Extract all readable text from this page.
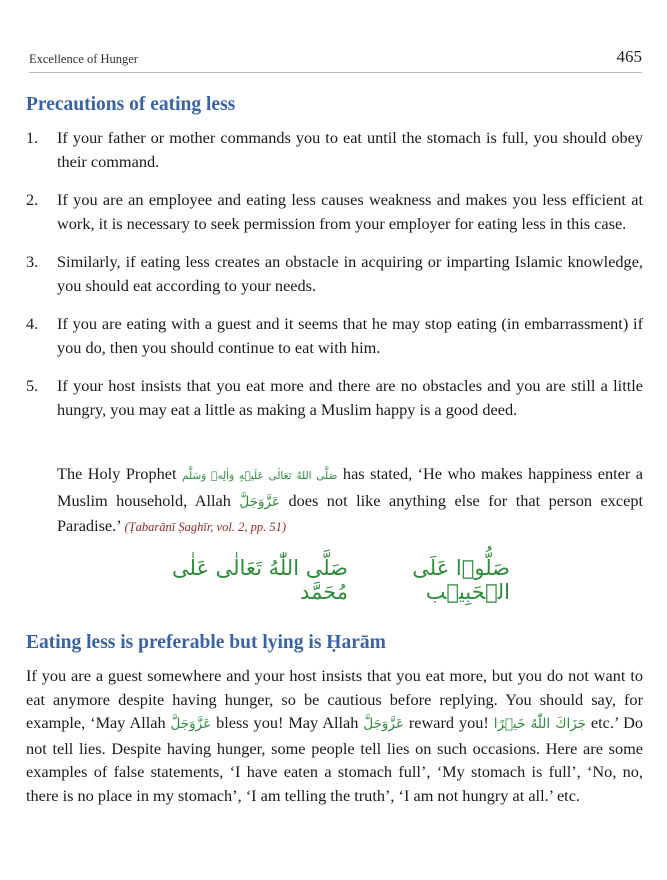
Excellence of Hunger	465
Precautions of eating less
1. If your father or mother commands you to eat until the stomach is full, you should obey their command.
2. If you are an employee and eating less causes weakness and makes you less efficient at work, it is necessary to seek permission from your employer for eating less in this case.
3. Similarly, if eating less creates an obstacle in acquiring or imparting Islamic knowledge, you should eat according to your needs.
4. If you are eating with a guest and it seems that he may stop eating (in embarrassment) if you do, then you should continue to eat with him.
5. If your host insists that you eat more and there are no obstacles and you are still a little hungry, you may eat a little as making a Muslim happy is a good deed.

The Holy Prophet صَلَّى اللهُ تَعَالٰى عَلَيۡهِ وَاٰلِهٖ وَسَلَّم has stated, ‘He who makes happiness enter a Muslim household, Allah عَزَّوَجَلَّ does not like anything else for that person except Paradise.’ (Ṭabarānī Ṣaghīr, vol. 2, pp. 51)

صَلُّوۡا عَلَی الۡحَبِيۡب
صَلَّی اللّٰهُ تَعَالٰی عَلٰی مُحَمَّد
Eating less is preferable but lying is Ḥarām

If you are a guest somewhere and your host insists that you eat more, but you do not want to eat anymore despite having hunger, so be cautious before replying. You should say, for example, ‘May Allah عَزَّوَجَلَّ bless you! May Allah عَزَّوَجَلَّ reward you! جَزَاكَ اللّٰهُ خَيۡرًا etc.’ Do not tell lies. Despite having hunger, some people tell lies on such occasions. Here are some examples of false statements, ‘I have eaten a stomach full’, ‘My stomach is full’, ‘No, no, there is no place in my stomach’, ‘I am telling the truth’, ‘I am not hungry at all.’ etc.
